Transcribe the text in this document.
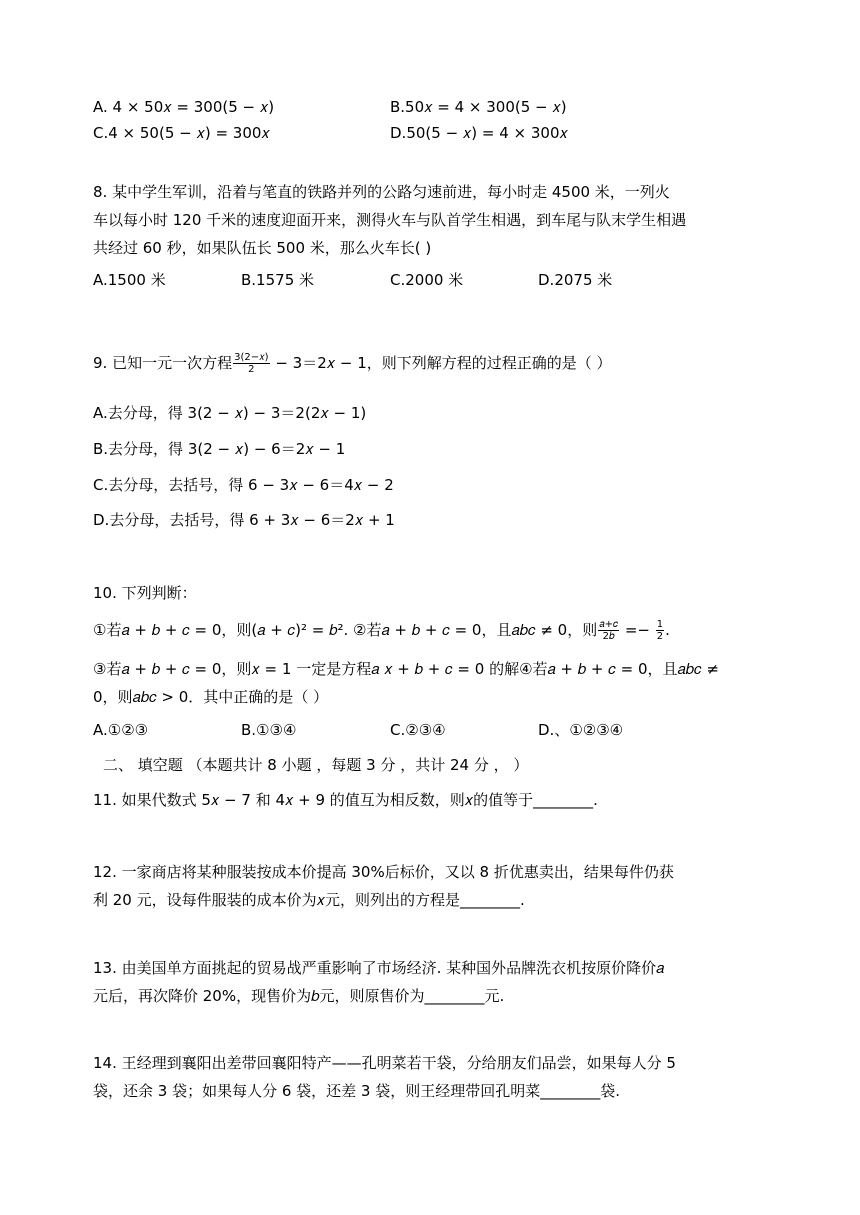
A. 4 × 50𝑥 = 300(5 − 𝑥)	B.50𝑥 = 4 × 300(5 − 𝑥)
C.4 × 50(5 − 𝑥) = 300𝑥	D.50(5 − 𝑥) = 4 × 300𝑥
8. 某中学生军训，沿着与笔直的铁路并列的公路匀速前进，每小时走 4500 米，一列火
车以每小时 120 千米的速度迎面开来，测得火车与队首学生相遇，到车尾与队末学生相遇
共经过 60 秒，如果队伍长 500 米，那么火车长( )
A.1500 米	B.1575 米	C.2000 米	D.2075 米
9. 已知一元一次方程 $\frac{\text{3(2−𝑥)}}{2}$ − 3＝2𝑥 − 1，则下列解方程的过程正确的是（ ）
A.去分母，得 3(2 − 𝑥) − 3＝2(2𝑥 − 1)
B.去分母，得 3(2 − 𝑥) − 6＝2𝑥 − 1
C.去分母，去括号，得 6 − 3𝑥 − 6＝4𝑥 − 2
D.去分母，去括号，得 6 + 3𝑥 − 6＝2𝑥 + 1
10. 下列判断：
①若𝑎 + 𝑏 + 𝑐 = 0，则(𝑎 + 𝑐)² = 𝑏². ②若𝑎 + 𝑏 + 𝑐 = 0，且𝑎𝑏𝑐 ≠ 0，则 $\frac{\text{𝑎+𝑐}}{\text{2𝑏}} =- \frac{1}{2}$ .
③若𝑎 + 𝑏 + 𝑐 = 0，则𝑥 = 1 一定是方程𝑎 𝑥 + 𝑏 + 𝑐 = 0 的解④若𝑎 + 𝑏 + 𝑐 = 0，且𝑎𝑏𝑐 ≠
0，则𝑎𝑏𝑐 > 0．其中正确的是（ ）
A.①②③	B.①③④	C.②③④	D.、①②③④
二、 填空题 （本题共计 8 小题 ，每题 3 分 ，共计 24 分 ， ）
11. 如果代数式 5𝑥 − 7 和 4𝑥 + 9 的值互为相反数，则𝑥的值等于________.
12. 一家商店将某种服装按成本价提高 30%后标价，又以 8 折优惠卖出，结果每件仍获
利 20 元，设每件服装的成本价为𝑥元，则列出的方程是________.
13. 由美国单方面挑起的贸易战严重影响了市场经济. 某种国外品牌洗衣机按原价降价𝑎
元后，再次降价 20%，现售价为𝑏元，则原售价为________元.
14. 王经理到襄阳出差带回襄阳特产——孔明菜若干袋，分给朋友们品尝，如果每人分 5
袋，还余 3 袋；如果每人分 6 袋，还差 3 袋，则王经理带回孔明菜________袋.
